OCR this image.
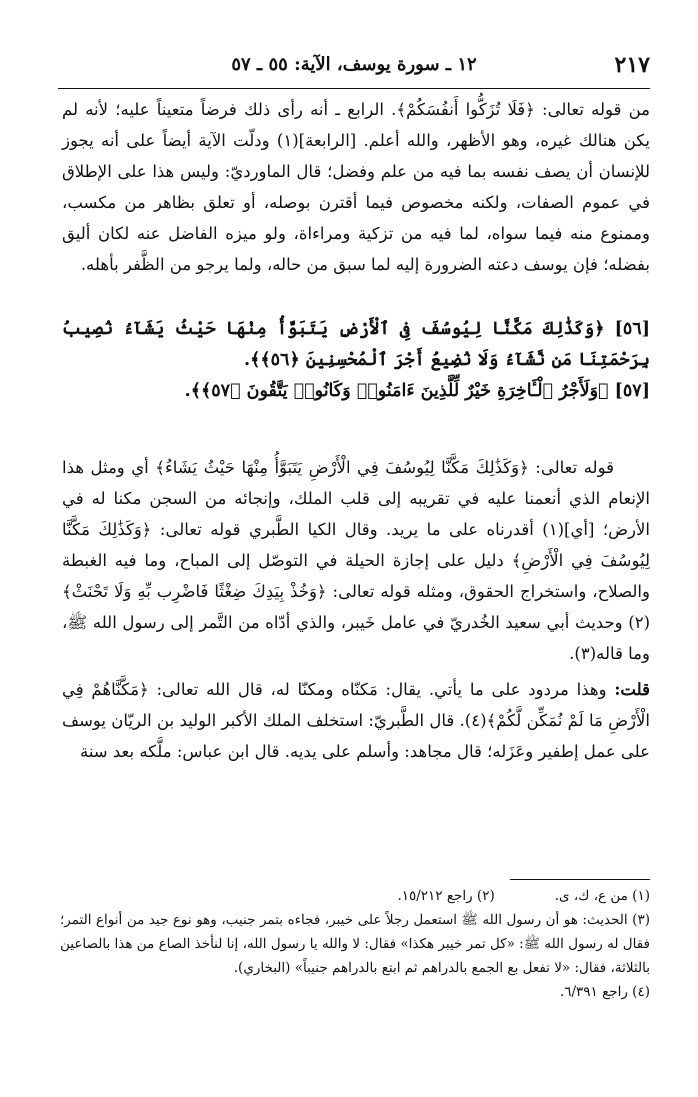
٢١٧
١٢ ـ سورة يوسف، الآية: ٥٥ ـ ٥٧

من قوله تعالى: ﴿فَلَا تُزَكُّوا أَنفُسَكُمْ﴾. الرابع ـ أنه رأى ذلك فرضاً متعيناً عليه؛ لأنه لم يكن هنالك غيره، وهو الأظهر، والله أعلم. [الرابعة](١) ودلّت الآية أيضاً على أنه يجوز للإنسان أن يصف نفسه بما فيه من علم وفضل؛ قال الماورديّ: وليس هذا على الإطلاق في عموم الصفات، ولكنه مخصوص فيما أقترن بوصله، أو تعلق بظاهر من مكسب، وممنوع منه فيما سواه، لما فيه من تزكية ومراءاة، ولو ميزه الفاضل عنه لكان أليق بفضله؛ فإن يوسف دعته الضرورة إليه لما سبق من حاله، ولما يرجو من الظَّفر بأهله.

[٥٦] ﴿وَكَذَٰلِكَ مَكَّنَّا لِيُوسُفَ فِى ٱلْأَرْضِ يَتَبَوَّأُ مِنْهَا حَيْثُ يَشَآءُ نُصِيبُ بِرَحْمَتِنَا مَن نَّشَآءُ وَلَا نُضِيعُ أَجْرَ ٱلْمُحْسِنِينَ ﴿٥٦﴾﴾.

[٥٧] ﴿وَلَأَجْرُ ٱلْـَٔاخِرَةِ خَيْرٌ لِّلَّذِينَ ءَامَنُوا۟ وَكَانُوا۟ يَتَّقُونَ ﴿٥٧﴾﴾.

قوله تعالى: ﴿وَكَذَٰلِكَ مَكَّنَّا لِيُوسُفَ فِي الْأَرْضِ يَتَبَوَّأُ مِنْهَا حَيْثُ يَشَاءُ﴾ أي ومثل هذا الإنعام الذي أنعمنا عليه في تقريبه إلى قلب الملك، وإنجائه من السجن مكنا له في الأرض؛ [أي](١) أقدرناه على ما يريد. وقال الكيا الطَّبري قوله تعالى: ﴿وَكَذَٰلِكَ مَكَّنَّا لِيُوسُفَ فِي الْأَرْضِ﴾ دليل على إجازة الحيلة في التوصّل إلى المباح، وما فيه الغبطة والصلاح، واستخراج الحقوق، ومثله قوله تعالى: ﴿وَخُذْ بِيَدِكَ ضِغْثًا فَاضْرِب بِّهِ وَلَا تَحْنَثْ﴾(٢) وحديث أبي سعيد الخُدريّ في عامل خَيبر، والذي أدّاه من التَّمر إلى رسول الله ﷺ، وما قاله(٣).

قلت: وهذا مردود على ما يأتي. يقال: مَكنّاه ومكنّا له، قال الله تعالى: ﴿مَكَّنَّاهُمْ فِي الْأَرْضِ مَا لَمْ نُمَكِّن لَّكُمْ﴾(٤). قال الطَّبريّ: استخلف الملك الأكبر الوليد بن الريّان يوسف على عمل إطفير وعَزَله؛ قال مجاهد: وأسلم على يديه. قال ابن عباس: ملَّكه بعد سنة

(١) من ع، ك، ى.(٢) راجع ١٥/٢١٢.

(٣) الحديث: هو أن رسول الله ﷺ استعمل رجلاً على خيبر، فجاءه بتمر جنيب، وهو نوع جيد من أنواع التمر؛ فقال له رسول الله ﷺ: «كل تمر خيبر هكذا» فقال: لا والله يا رسول الله، إنا لنأخذ الصاع من هذا بالصاعين بالثلاثة، فقال: «لا تفعل بع الجمع بالدراهم ثم ابتع بالدراهم جنيباً» (البخاري).

(٤) راجع ٦/٣٩١.
